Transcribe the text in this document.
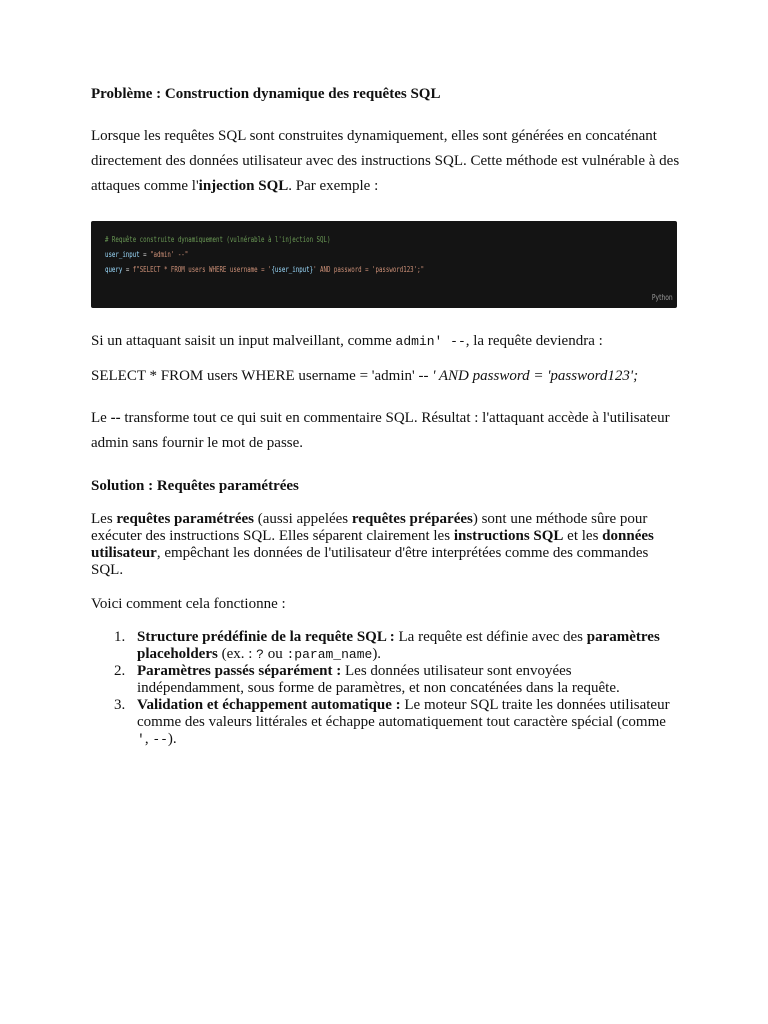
Problème : Construction dynamique des requêtes SQL
Lorsque les requêtes SQL sont construites dynamiquement, elles sont générées en concaténant directement des données utilisateur avec des instructions SQL. Cette méthode est vulnérable à des attaques comme l'injection SQL. Par exemple :
Si un attaquant saisit un input malveillant, comme admin' --, la requête deviendra :
SELECT * FROM users WHERE username = 'admin' -- ' AND password = 'password123';
Le -- transforme tout ce qui suit en commentaire SQL. Résultat : l'attaquant accède à l'utilisateur admin sans fournir le mot de passe.
Solution : Requêtes paramétrées
Les requêtes paramétrées (aussi appelées requêtes préparées) sont une méthode sûre pour exécuter des instructions SQL. Elles séparent clairement les instructions SQL et les données utilisateur, empêchant les données de l'utilisateur d'être interprétées comme des commandes SQL.
Voici comment cela fonctionne :
1. Structure prédéfinie de la requête SQL : La requête est définie avec des paramètres placeholders (ex. : ? ou :param_name).
2. Paramètres passés séparément : Les données utilisateur sont envoyées indépendamment, sous forme de paramètres, et non concaténées dans la requête.
3. Validation et échappement automatique : Le moteur SQL traite les données utilisateur comme des valeurs littérales et échappe automatiquement tout caractère spécial (comme ', --).
# Requête construite dynamiquement (vulnérable à l'injection SQL)
user_input = "admin' --"
query = f"SELECT * FROM users WHERE username = '{user_input}' AND password = 'password123';"
Python
